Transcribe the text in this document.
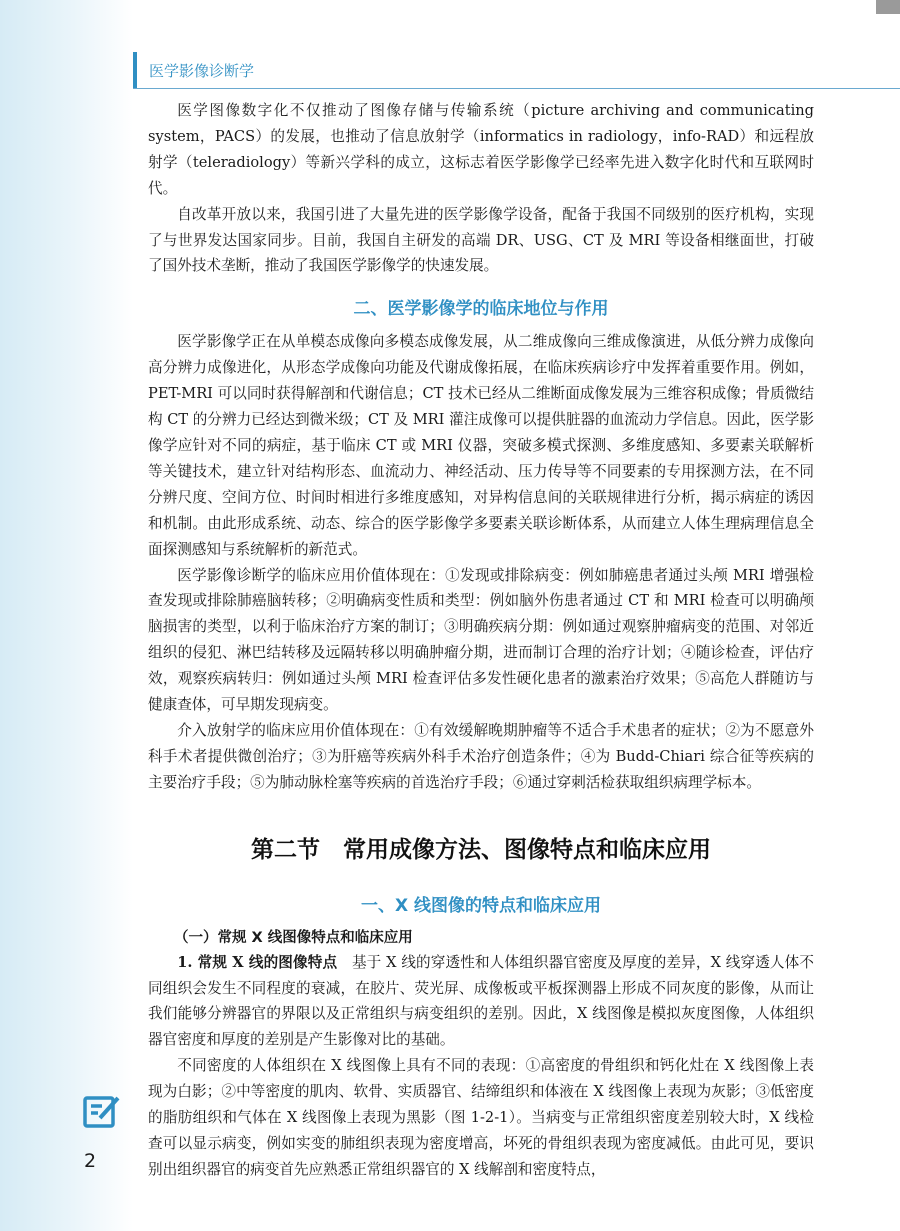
医学影像诊断学

医学图像数字化不仅推动了图像存储与传输系统（picture archiving and communicating system，PACS）的发展，也推动了信息放射学（informatics in radiology，info-RAD）和远程放射学（teleradiology）等新兴学科的成立，这标志着医学影像学已经率先进入数字化时代和互联网时代。

自改革开放以来，我国引进了大量先进的医学影像学设备，配备于我国不同级别的医疗机构，实现了与世界发达国家同步。目前，我国自主研发的高端 DR、USG、CT 及 MRI 等设备相继面世，打破了国外技术垄断，推动了我国医学影像学的快速发展。

二、医学影像学的临床地位与作用

医学影像学正在从单模态成像向多模态成像发展，从二维成像向三维成像演进，从低分辨力成像向高分辨力成像进化，从形态学成像向功能及代谢成像拓展，在临床疾病诊疗中发挥着重要作用。例如，PET-MRI 可以同时获得解剖和代谢信息；CT 技术已经从二维断面成像发展为三维容积成像；骨质微结构 CT 的分辨力已经达到微米级；CT 及 MRI 灌注成像可以提供脏器的血流动力学信息。因此，医学影像学应针对不同的病症，基于临床 CT 或 MRI 仪器，突破多模式探测、多维度感知、多要素关联解析等关键技术，建立针对结构形态、血流动力、神经活动、压力传导等不同要素的专用探测方法，在不同分辨尺度、空间方位、时间时相进行多维度感知，对异构信息间的关联规律进行分析，揭示病症的诱因和机制。由此形成系统、动态、综合的医学影像学多要素关联诊断体系，从而建立人体生理病理信息全面探测感知与系统解析的新范式。

医学影像诊断学的临床应用价值体现在：①发现或排除病变：例如肺癌患者通过头颅 MRI 增强检查发现或排除肺癌脑转移；②明确病变性质和类型：例如脑外伤患者通过 CT 和 MRI 检查可以明确颅脑损害的类型，以利于临床治疗方案的制订；③明确疾病分期：例如通过观察肿瘤病变的范围、对邻近组织的侵犯、淋巴结转移及远隔转移以明确肿瘤分期，进而制订合理的治疗计划；④随诊检查，评估疗效，观察疾病转归：例如通过头颅 MRI 检查评估多发性硬化患者的激素治疗效果；⑤高危人群随访与健康查体，可早期发现病变。

介入放射学的临床应用价值体现在：①有效缓解晚期肿瘤等不适合手术患者的症状；②为不愿意外科手术者提供微创治疗；③为肝癌等疾病外科手术治疗创造条件；④为 Budd-Chiari 综合征等疾病的主要治疗手段；⑤为肺动脉栓塞等疾病的首选治疗手段；⑥通过穿刺活检获取组织病理学标本。

第二节　常用成像方法、图像特点和临床应用
一、X 线图像的特点和临床应用
（一）常规 X 线图像特点和临床应用

1. 常规 X 线的图像特点　 基于 X 线的穿透性和人体组织器官密度及厚度的差异，X 线穿透人体不同组织会发生不同程度的衰减，在胶片、荧光屏、成像板或平板探测器上形成不同灰度的影像，从而让我们能够分辨器官的界限以及正常组织与病变组织的差别。因此，X 线图像是模拟灰度图像，人体组织器官密度和厚度的差别是产生影像对比的基础。

不同密度的人体组织在 X 线图像上具有不同的表现：①高密度的骨组织和钙化灶在 X 线图像上表现为白影；②中等密度的肌肉、软骨、实质器官、结缔组织和体液在 X 线图像上表现为灰影；③低密度的脂肪组织和气体在 X 线图像上表现为黑影（图 1-2-1）。当病变与正常组织密度差别较大时，X 线检查可以显示病变，例如实变的肺组织表现为密度增高，坏死的骨组织表现为密度减低。由此可见，要识别出组织器官的病变首先应熟悉正常组织器官的 X 线解剖和密度特点，

2
